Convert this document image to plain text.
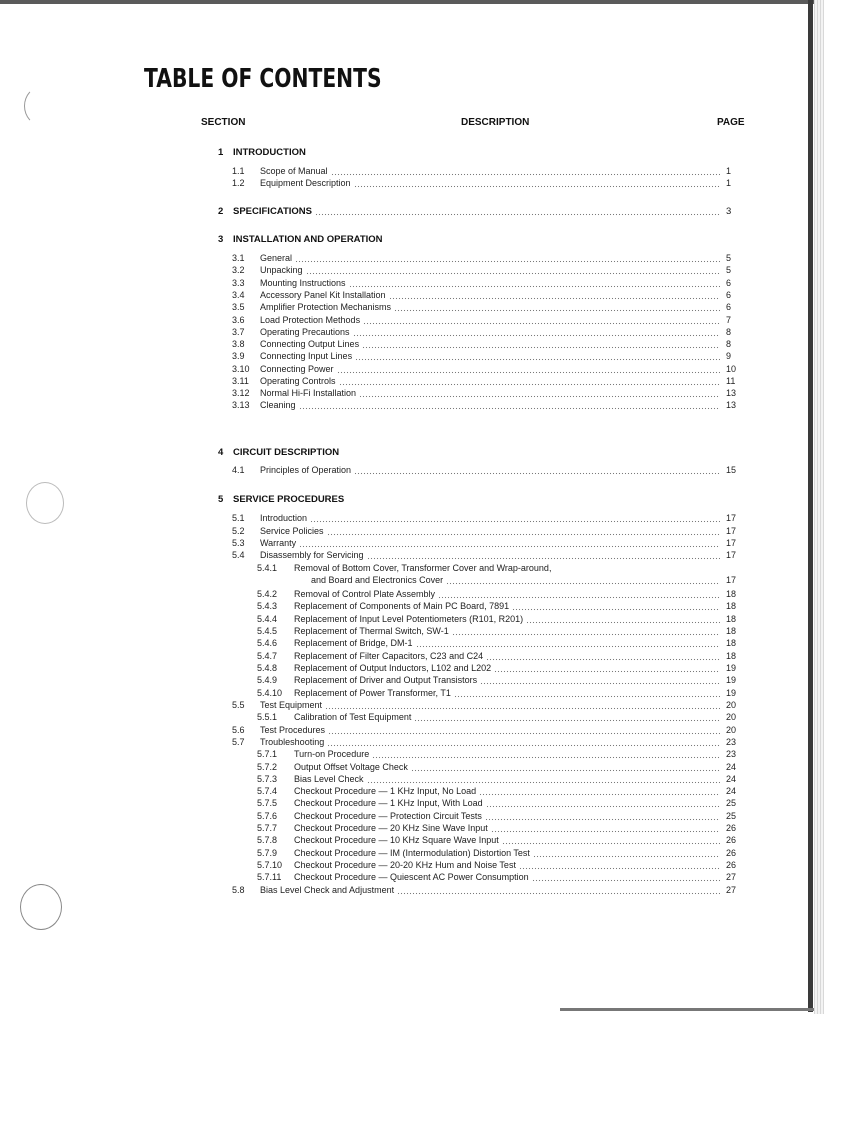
TABLE OF CONTENTS
SECTION	DESCRIPTION	PAGE
1 INTRODUCTION
1.1 Scope of Manual	1
1.2 Equipment Description	1
2 SPECIFICATIONS	3
3 INSTALLATION AND OPERATION
3.1 General	5
3.2 Unpacking	5
3.3 Mounting Instructions	6
3.4 Accessory Panel Kit Installation	6
3.5 Amplifier Protection Mechanisms	6
3.6 Load Protection Methods	7
3.7 Operating Precautions	8
3.8 Connecting Output Lines	8
3.9 Connecting Input Lines	9
3.10 Connecting Power	10
3.11 Operating Controls	11
3.12 Normal Hi-Fi Installation	13
3.13 Cleaning	13
4 CIRCUIT DESCRIPTION
4.1 Principles of Operation	15
5 SERVICE PROCEDURES
5.1 Introduction	17
5.2 Service Policies	17
5.3 Warranty	17
5.4 Disassembly for Servicing	17
5.4.1 Removal of Bottom Cover, Transformer Cover and Wrap-around,
and Board and Electronics Cover	17
5.4.2 Removal of Control Plate Assembly	18
5.4.3 Replacement of Components of Main PC Board, 7891	18
5.4.4 Replacement of Input Level Potentiometers (R101, R201)	18
5.4.5 Replacement of Thermal Switch, SW-1	18
5.4.6 Replacement of Bridge, DM-1	18
5.4.7 Replacement of Filter Capacitors, C23 and C24	18
5.4.8 Replacement of Output Inductors, L102 and L202	19
5.4.9 Replacement of Driver and Output Transistors	19
5.4.10 Replacement of Power Transformer, T1	19
5.5 Test Equipment	20
5.5.1 Calibration of Test Equipment	20
5.6 Test Procedures	20
5.7 Troubleshooting	23
5.7.1 Turn-on Procedure	23
5.7.2 Output Offset Voltage Check	24
5.7.3 Bias Level Check	24
5.7.4 Checkout Procedure — 1 KHz Input, No Load	24
5.7.5 Checkout Procedure — 1 KHz Input, With Load	25
5.7.6 Checkout Procedure — Protection Circuit Tests	25
5.7.7 Checkout Procedure — 20 KHz Sine Wave Input	26
5.7.8 Checkout Procedure — 10 KHz Square Wave Input	26
5.7.9 Checkout Procedure — IM (Intermodulation) Distortion Test	26
5.7.10 Checkout Procedure — 20-20 KHz Hum and Noise Test	26
5.7.11 Checkout Procedure — Quiescent AC Power Consumption	27
5.8 Bias Level Check and Adjustment	27
